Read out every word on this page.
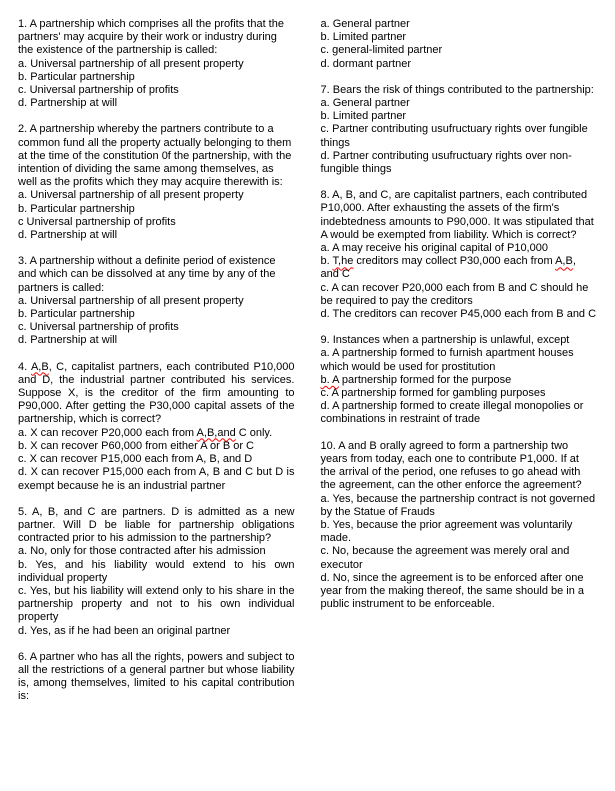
1. A partnership which comprises all the profits that the partners' may acquire by their work or industry during the existence of the partnership is called:

a. Universal partnership of all present property

b. Particular partnership

c. Universal partnership of profits

d. Partnership at will

2. A partnership whereby the partners contribute to a common fund all the property actually belonging to them at the time of the constitution 0f the partnership, with the intention of dividing the same among themselves, as well as the profits which they may acquire therewith is:

a. Universal partnership of all present property

b. Particular partnership

c Universal partnership of profits

d. Partnership at will

3. A partnership without a definite period of existence and which can be dissolved at any time by any of the partners is called:

a. Universal partnership of all present property

b. Particular partnership

c. Universal partnership of profits

d. Partnership at will

4. A,B, C, capitalist partners, each contributed P10,000 and D, the industrial partner contributed his services. Suppose X, is the creditor of the firm amounting to P90,000. After getting the P30,000 capital assets of the partnership, which is correct?

a. X can recover P20,000 each from A,B,and C only.

b. X can recover P60,000 from either A or B or C

c. X can recover P15,000 each from A, B, and D

d. X can recover P15,000 each from A, B and C but D is exempt because he is an industrial partner

5. A, B, and C are partners. D is admitted as a new partner. Will D be liable for partnership obligations contracted prior to his admission to the partnership?

a. No, only for those contracted after his admission

b. Yes, and his liability would extend to his own individual property

c. Yes, but his liability will extend only to his share in the partnership property and not to his own individual property

d. Yes, as if he had been an original partner

6. A partner who has all the rights, powers and subject to all the restrictions of a general partner but whose liability is, among themselves, limited to his capital contribution is:

a. General partner

b. Limited partner

c. general-limited partner

d. dormant partner

7. Bears the risk of things contributed to the partnership:

a. General partner

b. Limited partner

c. Partner contributing usufructuary rights over fungible things

d. Partner contributing usufructuary rights over non- fungible things

8. A, B, and C, are capitalist partners, each contributed P10,000. After exhausting the assets of the firm's indebtedness amounts to P90,000. It was stipulated that A would be exempted from liability. Which is correct?

a. A may receive his original capital of P10,000

b. T,he creditors may collect P30,000 each from A,B, and C

c. A can recover P20,000 each from B and C should he be required to pay the creditors

d. The creditors can recover P45,000 each from B and C

9. Instances when a partnership is unlawful, except

a. A partnership formed to furnish apartment houses which would be used for prostitution

b. A partnership formed for the purpose

c. A partnership formed for gambling purposes

d. A partnership formed to create illegal monopolies or combinations in restraint of trade

10. A and B orally agreed to form a partnership two years from today, each one to contribute P1,000. If at the arrival of the period, one refuses to go ahead with the agreement, can the other enforce the agreement?

a. Yes, because the partnership contract is not governed by the Statue of Frauds

b. Yes, because the prior agreement was voluntarily made.

c. No, because the agreement was merely oral and executor

d. No, since the agreement is to be enforced after one year from the making thereof, the same should be in a public instrument to be enforceable.
